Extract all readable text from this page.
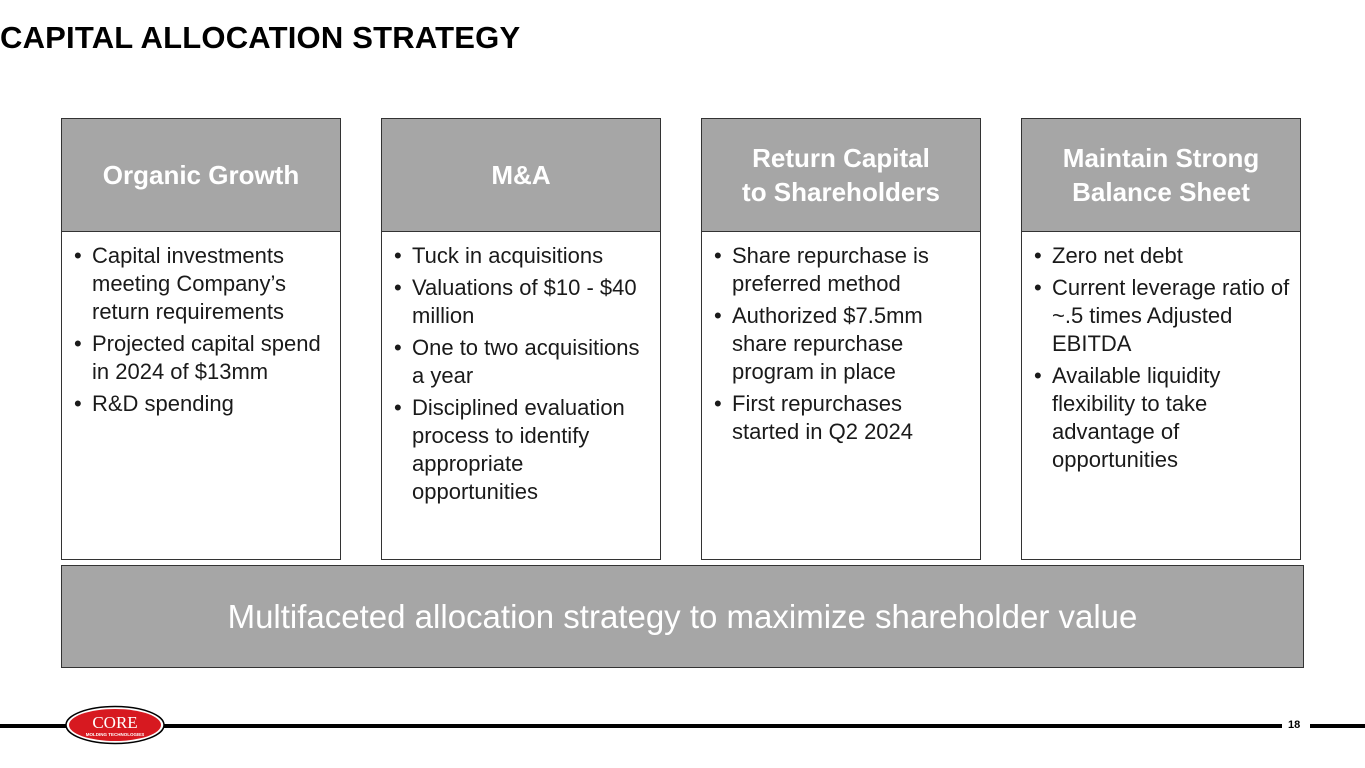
CAPITAL ALLOCATION STRATEGY
Organic Growth
• Capital investments meeting Company’s return requirements
• Projected capital spend in 2024 of $13mm
• R&D spending
M&A
• Tuck in acquisitions
• Valuations of $10 - $40 million
• One to two acquisitions a year
• Disciplined evaluation process to identify appropriate opportunities
Return Capital
to Shareholders
• Share repurchase is preferred method
• Authorized $7.5mm share repurchase program in place
• First repurchases started in Q2 2024
Maintain Strong
Balance Sheet
• Zero net debt
• Current leverage ratio of ~.5 times Adjusted EBITDA
• Available liquidity flexibility to take advantage of opportunities
Multifaceted allocation strategy to maximize shareholder value
CORE
MOLDING TECHNOLOGIES
18
